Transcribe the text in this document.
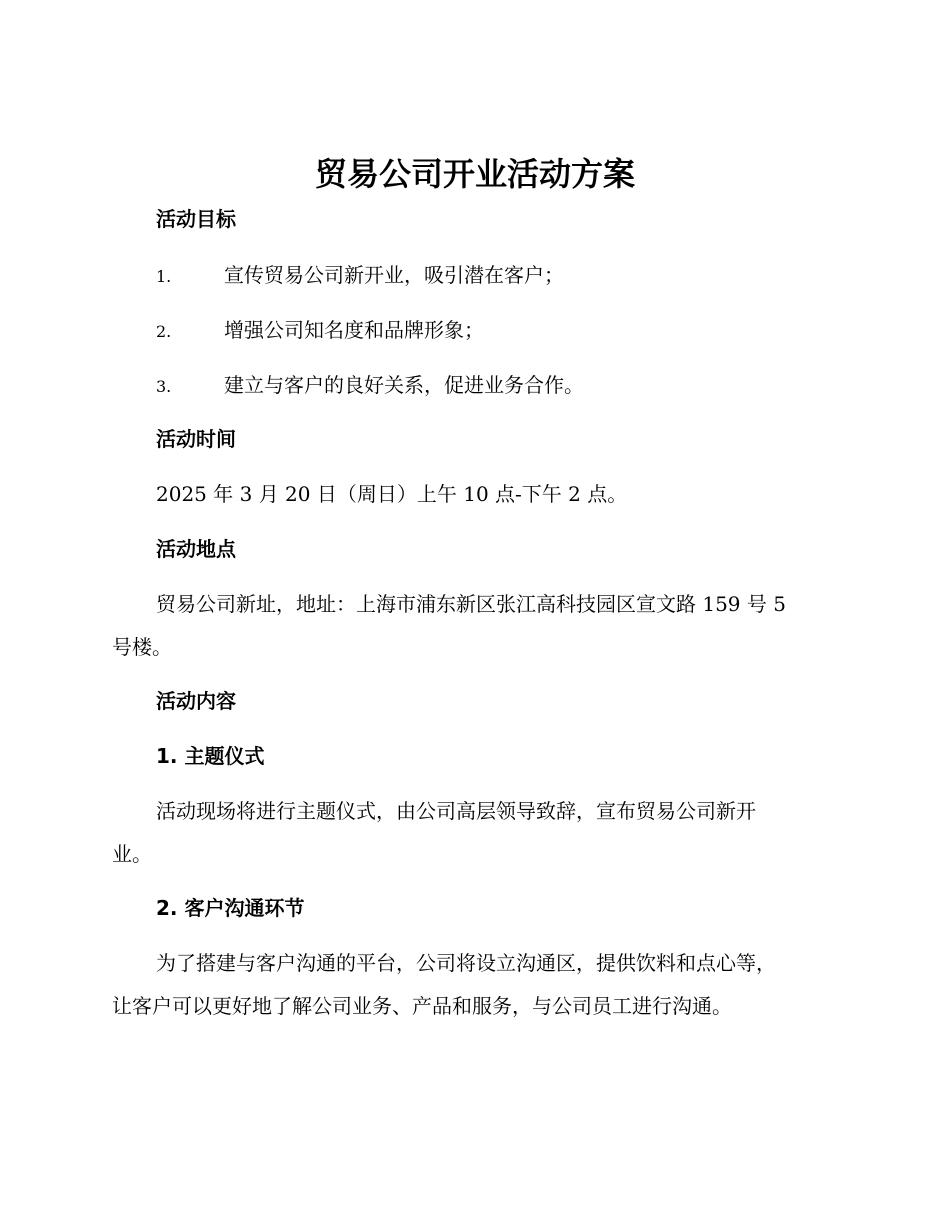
贸易公司开业活动方案
活动目标
1.	宣传贸易公司新开业，吸引潜在客户；
2.	增强公司知名度和品牌形象；
3.	建立与客户的良好关系，促进业务合作。
活动时间

2025 年 3 月 20 日（周日）上午 10 点-下午 2 点。

活动地点

贸易公司新址，地址：上海市浦东新区张江高科技园区宣文路 159 号 5

号楼。

活动内容
1. 主题仪式

活动现场将进行主题仪式，由公司高层领导致辞，宣布贸易公司新开

业。

2. 客户沟通环节

为了搭建与客户沟通的平台，公司将设立沟通区，提供饮料和点心等，

让客户可以更好地了解公司业务、产品和服务，与公司员工进行沟通。
